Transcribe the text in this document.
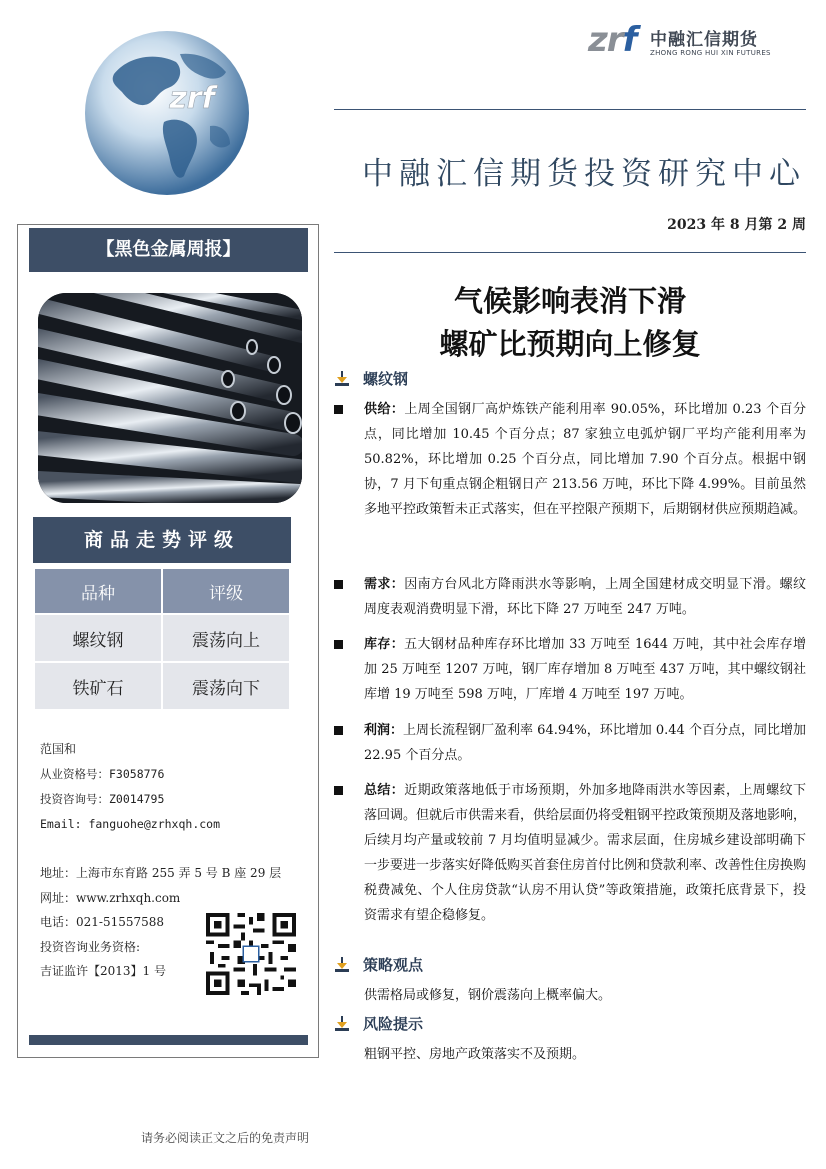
zrf
zrf 中融汇信期货
ZHONG RONG HUI XIN FUTURES
中融汇信期货投资研究中心
2023 年 8 月第 2 周
【黑色金属周报】
商品走势评级
品种	评级
螺纹钢	震荡向上
铁矿石	震荡向下
范国和
从业资格号：F3058776
投资咨询号：Z0014795
Email: fanguohe@zrhxqh.com
地址：上海市东育路 255 弄 5 号 B 座 29 层
网址：www.zrhxqh.com
电话：021-51557588
投资咨询业务资格:
吉证监许【2013】1 号
气候影响表消下滑
螺矿比预期向上修复
螺纹钢
供给：上周全国钢厂高炉炼铁产能利用率 90.05%，环比增加 0.23 个百分点，同比增加 10.45 个百分点；87 家独立电弧炉钢厂平均产能利用率为 50.82%，环比增加 0.25 个百分点，同比增加 7.90 个百分点。根据中钢协，7 月下旬重点钢企粗钢日产 213.56 万吨，环比下降 4.99%。目前虽然多地平控政策暂未正式落实，但在平控限产预期下，后期钢材供应预期趋减。
需求：因南方台风北方降雨洪水等影响，上周全国建材成交明显下滑。螺纹周度表观消费明显下滑，环比下降 27 万吨至 247 万吨。
库存：五大钢材品种库存环比增加 33 万吨至 1644 万吨，其中社会库存增加 25 万吨至 1207 万吨，钢厂库存增加 8 万吨至 437 万吨，其中螺纹钢社库增 19 万吨至 598 万吨，厂库增 4 万吨至 197 万吨。
利润：上周长流程钢厂盈利率 64.94%，环比增加 0.44 个百分点，同比增加 22.95 个百分点。
总结：近期政策落地低于市场预期，外加多地降雨洪水等因素，上周螺纹下落回调。但就后市供需来看，供给层面仍将受粗钢平控政策预期及落地影响，后续月均产量或较前 7 月均值明显减少。需求层面，住房城乡建设部明确下一步要进一步落实好降低购买首套住房首付比例和贷款利率、改善性住房换购税费减免、个人住房贷款“认房不用认贷”等政策措施，政策托底背景下，投资需求有望企稳修复。
策略观点
供需格局或修复，钢价震荡向上概率偏大。
风险提示
粗钢平控、房地产政策落实不及预期。
请务必阅读正文之后的免责声明
